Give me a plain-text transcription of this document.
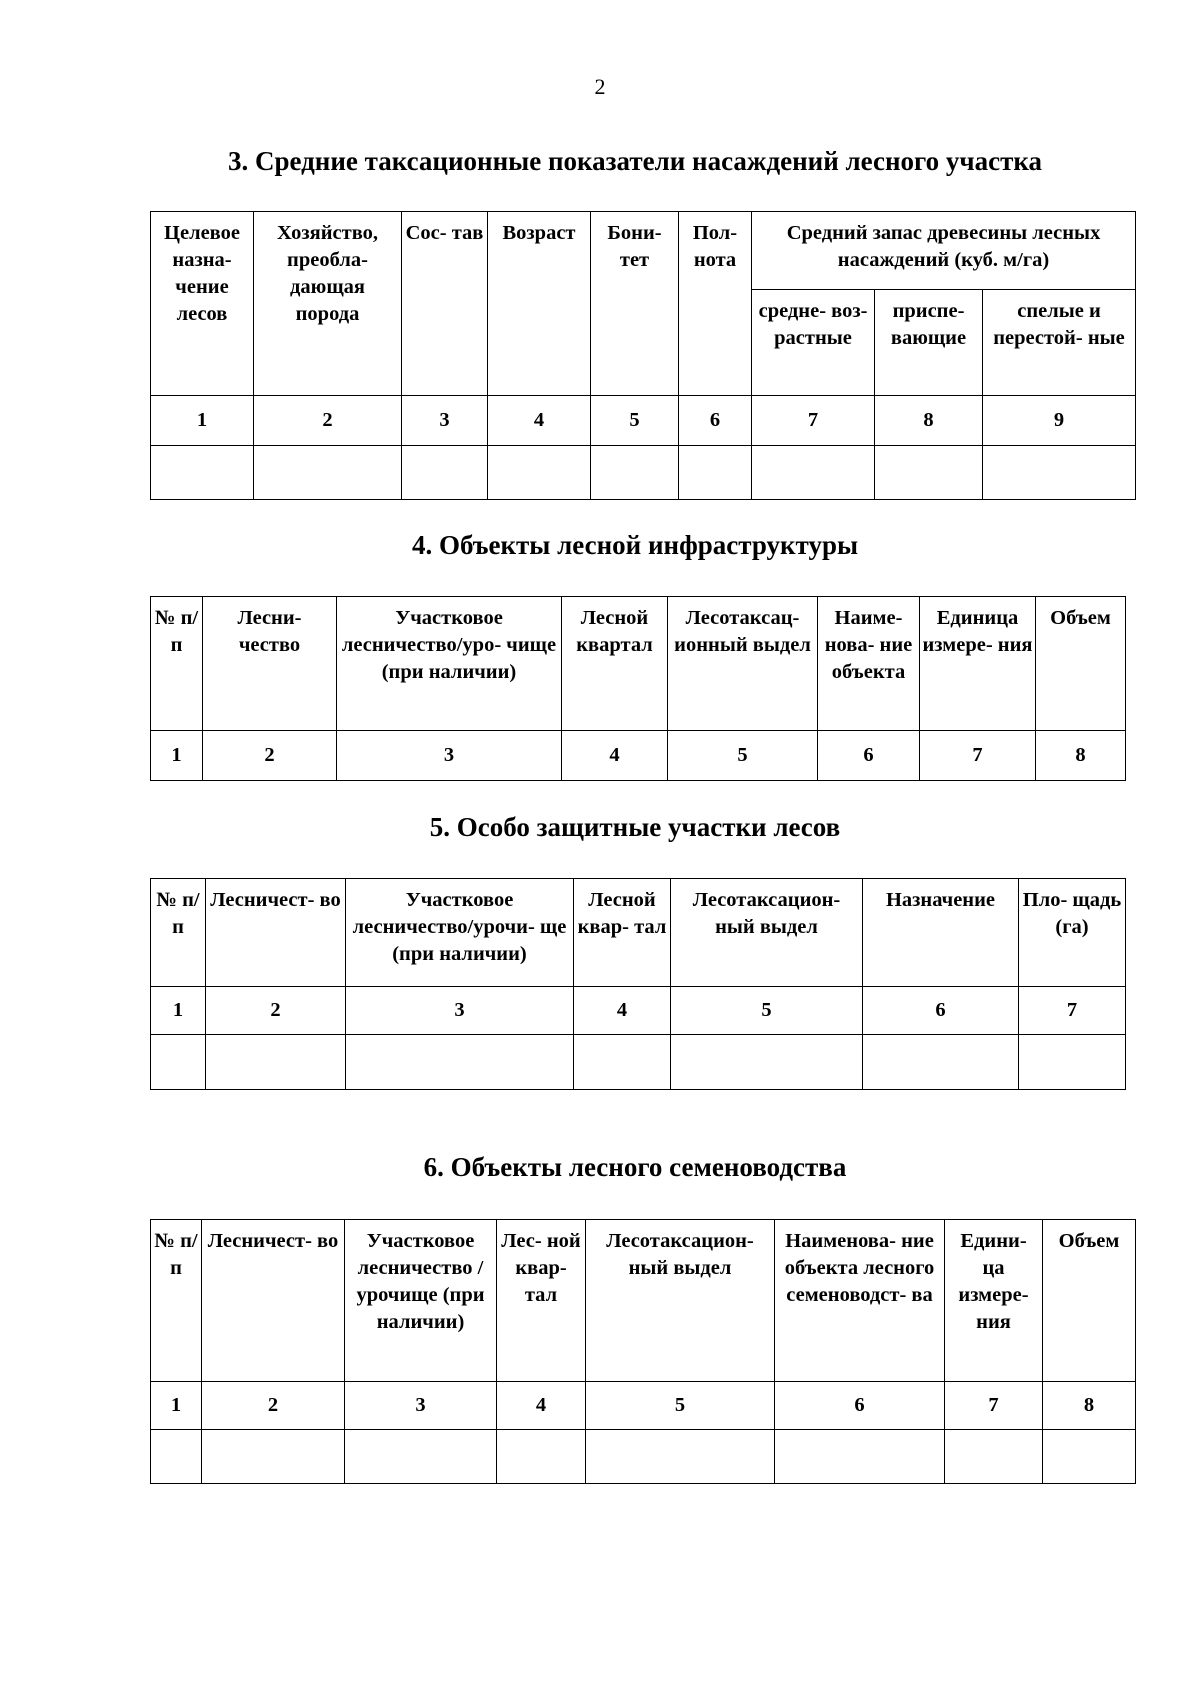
2
3. Средние таксационные показатели насаждений лесного участка
Целевое назна- чение лесов	Хозяйство, преобла- дающая порода	Сос- тав	Возраст	Бони- тет	Пол- нота	Средний запас древесины лесных насаждений (куб. м/га)		
						средне- воз- растные	приспе- вающие	спелые и перестой- ные
1	2	3	4	5	6	7	8	9

4. Объекты лесной инфраструктуры
№ п/п	Лесни- чество	Участковое лесничество/уро- чище (при наличии)	Лесной квартал	Лесотаксац- ионный выдел	Наиме- нова- ние объекта	Единица измере- ния	Объем
1	2	3	4	5	6	7	8
5. Особо защитные участки лесов
№ п/п	Лесничест- во	Участковое лесничество/урочи- ще (при наличии)	Лесной квар- тал	Лесотаксацион- ный выдел	Назначение	Пло- щадь (га)
1	2	3	4	5	6	7

6. Объекты лесного семеноводства
№ п/п	Лесничест- во	Участковое лесничество /урочище (при наличии)	Лес- ной квар- тал	Лесотаксацион- ный выдел	Наименова- ние объекта лесного семеноводст- ва	Едини- ца измере- ния	Объем
1	2	3	4	5	6	7	8
